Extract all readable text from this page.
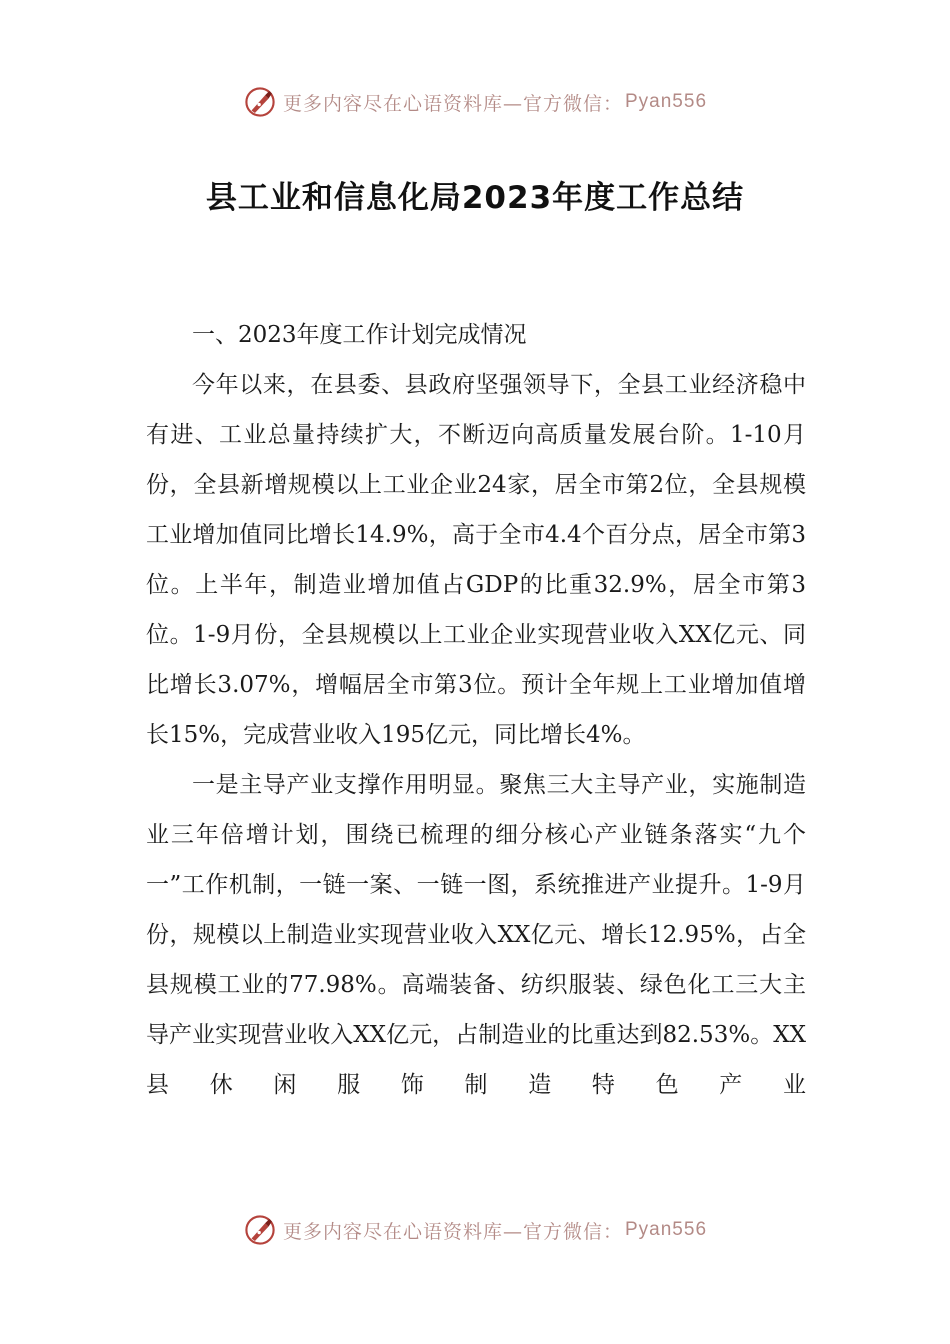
更多内容尽在心语资料库—官方微信： Pyan556
县工业和信息化局2023年度工作总结

一、2023年度工作计划完成情况

今年以来，在县委、县政府坚强领导下，全县工业经济稳中有进、工业总量持续扩大，不断迈向高质量发展台阶。1-10月份，全县新增规模以上工业企业24家，居全市第2位，全县规模工业增加值同比增长14.9%，高于全市4.4个百分点，居全市第3位。上半年，制造业增加值占GDP的比重32.9%，居全市第3位。1-9月份，全县规模以上工业企业实现营业收入XX亿元、同比增长3.07%，增幅居全市第3位。预计全年规上工业增加值增长15%，完成营业收入195亿元，同比增长4%。

一是主导产业支撑作用明显。聚焦三大主导产业，实施制造业三年倍增计划，围绕已梳理的细分核心产业链条落实“九个一”工作机制，一链一案、一链一图，系统推进产业提升。1-9月份，规模以上制造业实现营业收入XX亿元、增长12.95%，占全县规模工业的77.98%。高端装备、纺织服装、绿色化工三大主导产业实现营业收入XX亿元，占制造业的比重达到82.53%。XX县休闲服饰制造特色产业

更多内容尽在心语资料库—官方微信： Pyan556
